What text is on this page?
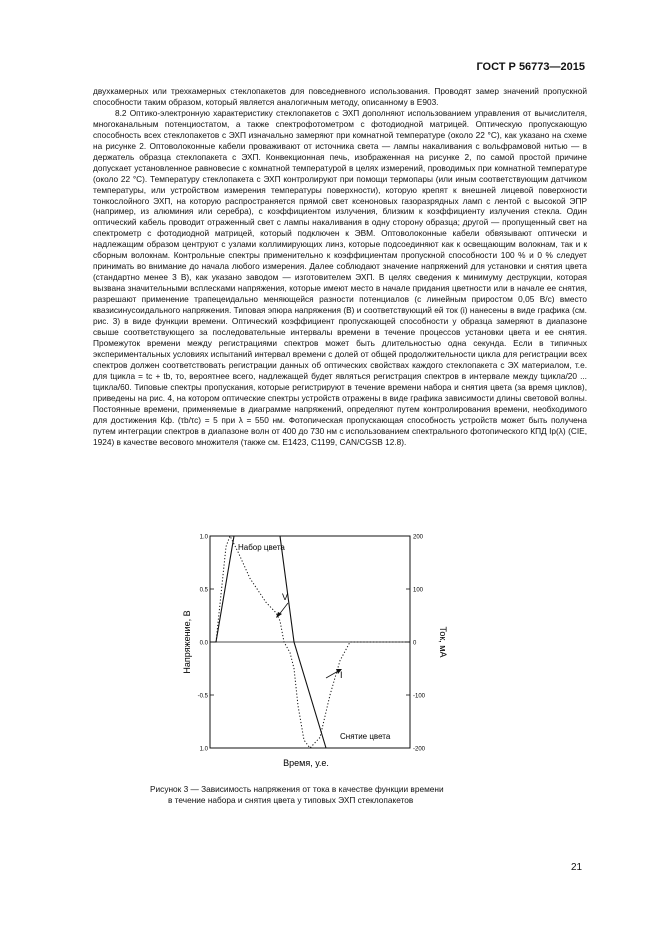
ГОСТ Р 56773—2015

двухкамерных или трехкамерных стеклопакетов для повседневного использования. Проводят замер значений пропускной способности таким образом, который является аналогичным методу, описанному в E903.

8.2 Оптико-электронную характеристику стеклопакетов с ЭХП дополняют использованием управления от вычислителя, многоканальным потенциостатом, а также спектрофотометром с фотодиодной матрицей. Оптическую пропускающую способность всех стеклопакетов с ЭХП изначально замеряют при комнатной температуре (около 22 °С), как указано на схеме на рисунке 2. Оптоволоконные кабели проваживают от источника света — лампы накаливания с вольфрамовой нитью — в держатель образца стеклопакета с ЭХП. Конвекционная печь, изображенная на рисунке 2, по самой простой причине допускает установленное равновесие с комнатной температурой в целях измерений, проводимых при комнатной температуре (около 22 °С). Температуру стеклопакета с ЭХП контролируют при помощи термопары (или иным соответствующим датчиком температуры, или устройством измерения температуры поверхности), которую крепят к внешней лицевой поверхности тонкослойного ЭХП, на которую распространяется прямой свет ксеноновых газоразрядных ламп с лентой с высокой ЭПР (например, из алюминия или серебра), с коэффициентом излучения, близким к коэффициенту излучения стекла. Один оптический кабель проводит отраженный свет с лампы накаливания в одну сторону образца; другой — пропущенный свет на спектрометр с фотодиодной матрицей, который подключен к ЭВМ. Оптоволоконные кабели обвязывают оптически и надлежащим образом центруют с узлами коллимирующих линз, которые подсоединяют как к освещающим волокнам, так и к сборным волокнам. Контрольные спектры применительно к коэффициентам пропускной способности 100 % и 0 % следует принимать во внимание до начала любого измерения. Далее соблюдают значение напряжений для установки и снятия цвета (стандартно менее 3 В), как указано заводом — изготовителем ЭХП. В целях сведения к минимуму деструкции, которая вызвана значительными всплесками напряжения, которые имеют место в начале придания цветности или в начале ее снятия, разрешают применение трапецеидально меняющейся разности потенциалов (с линейным приростом 0,05 В/с) вместо квазисинусоидального напряжения. Типовая эпюра напряжения (В) и соответствующий ей ток (i) нанесены в виде графика (см. рис. 3) в виде функции времени. Оптический коэффициент пропускающей способности у образца замеряют в диапазоне свыше соответствующего за последовательные интервалы времени в течение процессов установки цвета и ее снятия. Промежуток времени между регистрациями спектров может быть длительностью одна секунда. Если в типичных экспериментальных условиях испытаний интервал времени с долей от общей продолжительности цикла для регистрации всех спектров должен соответствовать регистрации данных об оптических свойствах каждого стеклопакета с ЭХ материалом, т.е. для tцикла = tс + tb, то, вероятнее всего, надлежащей будет являться регистрация спектров в интервале между tцикла/20 ... tцикла/60. Типовые спектры пропускания, которые регистрируют в течение времени набора и снятия цвета (за время циклов), приведены на рис. 4, на котором оптические спектры устройств отражены в виде графика зависимости длины световой волны. Постоянные времени, применяемые в диаграмме напряжений, определяют путем контролирования времени, необходимого для достижения Кф. (τb/τc) = 5 при λ = 550 нм. Фотопическая пропускающая способность устройств может быть получена путем интеграции спектров в диапазоне волн от 400 до 730 нм с использованием спектрального фотопического КПД Iр(λ) (CIE, 1924) в качестве весового множителя (также см. E1423, C1199, CAN/CGSB 12.8).

1.0
0.5
0.0
-0.5
1.0
200
100
0
-100
-200
Напряжение, В	Ток, мА
Время, у.е.
Набор цвета
Снятие цвета
V
I
Рисунок 3 — Зависимость напряжения от тока в качестве функции времени
в течение набора и снятия цвета у типовых ЭХП стеклопакетов
21
